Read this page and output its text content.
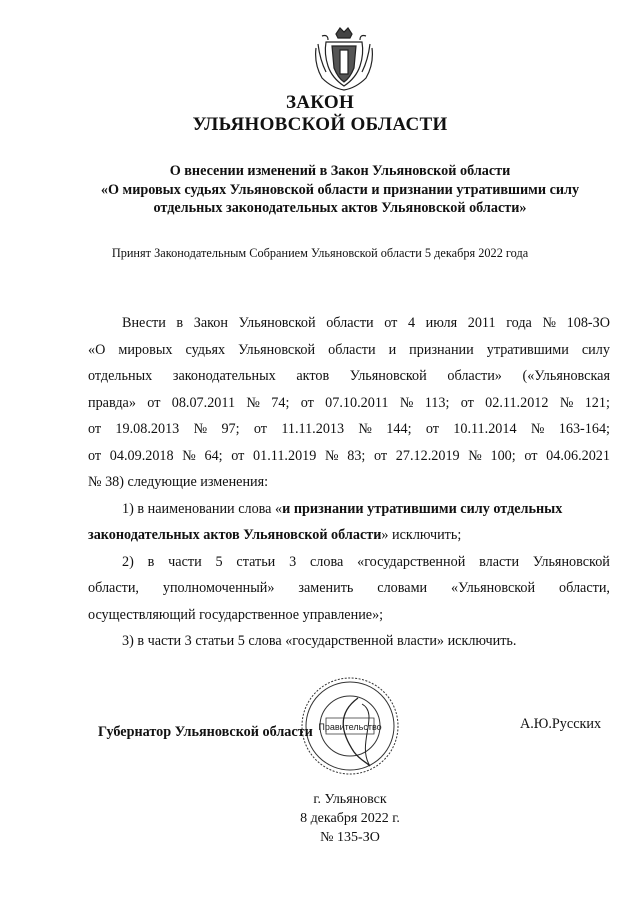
ЗАКОН
УЛЬЯНОВСКОЙ ОБЛАСТИ
О внесении изменений в Закон Ульяновской области
«О мировых судьях Ульяновской области и признании утратившими силу
отдельных законодательных актов Ульяновской области»
Принят Законодательным Собранием Ульяновской области 5 декабря 2022 года
Внести в Закон Ульяновской области от 4 июля 2011 года № 108-ЗО
«О мировых судьях Ульяновской области и признании утратившими силу
отдельных законодательных актов Ульяновской области» («Ульяновская
правда» от 08.07.2011 № 74; от 07.10.2011 № 113; от 02.11.2012 № 121;
от 19.08.2013 № 97; от 11.11.2013 № 144; от 10.11.2014 № 163-164;
от 04.09.2018 № 64; от 01.11.2019 № 83; от 27.12.2019 № 100; от 04.06.2021
№ 38) следующие изменения:
1) в наименовании слова «и признании утратившими силу отдельных
законодательных актов Ульяновской области» исключить;
2) в части 5 статьи 3 слова «государственной власти Ульяновской
области, уполномоченный» заменить словами «Ульяновской области,
осуществляющий государственное управление»;
3) в части 3 статьи 5 слова «государственной власти» исключить.
Правительство
Губернатор Ульяновской области	А.Ю.Русских
г. Ульяновск
8 декабря 2022 г.
№ 135-ЗО
